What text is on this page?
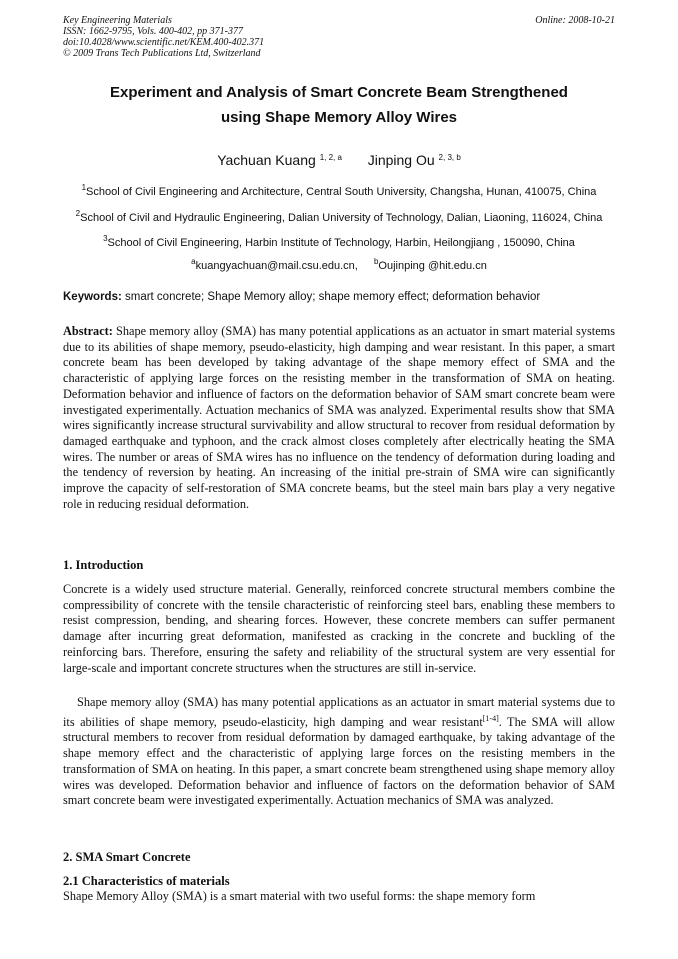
Key Engineering Materials
ISSN: 1662-9795, Vols. 400-402, pp 371-377
doi:10.4028/www.scientific.net/KEM.400-402.371
© 2009 Trans Tech Publications Ltd, Switzerland
Online: 2008-10-21
Experiment and Analysis of Smart Concrete Beam Strengthened
using Shape Memory Alloy Wires
Yachuan Kuang $^{1, 2, a}$ Jinping Ou $^{2, 3, b}$
$^1$School of Civil Engineering and Architecture, Central South University, Changsha, Hunan, 410075, China
$^2$School of Civil and Hydraulic Engineering, Dalian University of Technology, Dalian, Liaoning, 116024, China
$^3$School of Civil Engineering, Harbin Institute of Technology, Harbin, Heilongjiang , 150090, China
$^a$kuangyachuan@mail.csu.edu.cn, $^b$Oujinping @hit.edu.cn
Keywords: smart concrete; Shape Memory alloy; shape memory effect; deformation behavior

Abstract: Shape memory alloy (SMA) has many potential applications as an actuator in smart material systems due to its abilities of shape memory, pseudo-elasticity, high damping and wear resistant. In this paper, a smart concrete beam has been developed by taking advantage of the shape memory effect of SMA and the characteristic of applying large forces on the resisting member in the transformation of SMA on heating. Deformation behavior and influence of factors on the deformation behavior of SAM smart concrete beam were investigated experimentally. Actuation mechanics of SMA was analyzed. Experimental results show that SMA wires significantly increase structural survivability and allow structural to recover from residual deformation by damaged earthquake and typhoon, and the crack almost closes completely after electrically heating the SMA wires. The number or areas of SMA wires has no influence on the tendency of deformation during loading and the tendency of reversion by heating. An increasing of the initial pre-strain of SMA wire can significantly improve the capacity of self-restoration of SMA concrete beams, but the steel main bars play a very negative role in reducing residual deformation.

1. Introduction

Concrete is a widely used structure material. Generally, reinforced concrete structural members combine the compressibility of concrete with the tensile characteristic of reinforcing steel bars, enabling these members to resist compression, bending, and shearing forces. However, these concrete members can suffer permanent damage after incurring great deformation, manifested as cracking in the concrete and buckling of the reinforcing bars. Therefore, ensuring the safety and reliability of the structural system are very essential for large-scale and important concrete structures when the structures are still in-service.

Shape memory alloy (SMA) has many potential applications as an actuator in smart material systems due to its abilities of shape memory, pseudo-elasticity, high damping and wear resistant[1-4]. The SMA will allow structural members to recover from residual deformation by damaged earthquake, by taking advantage of the shape memory effect and the characteristic of applying large forces on the resisting members in the transformation of SMA on heating. In this paper, a smart concrete beam strengthened using shape memory alloy wires was developed. Deformation behavior and influence of factors on the deformation behavior of SAM smart concrete beam were investigated experimentally. Actuation mechanics of SMA was analyzed.

2. SMA Smart Concrete
2.1 Characteristics of materials

Shape Memory Alloy (SMA) is a smart material with two useful forms: the shape memory form
